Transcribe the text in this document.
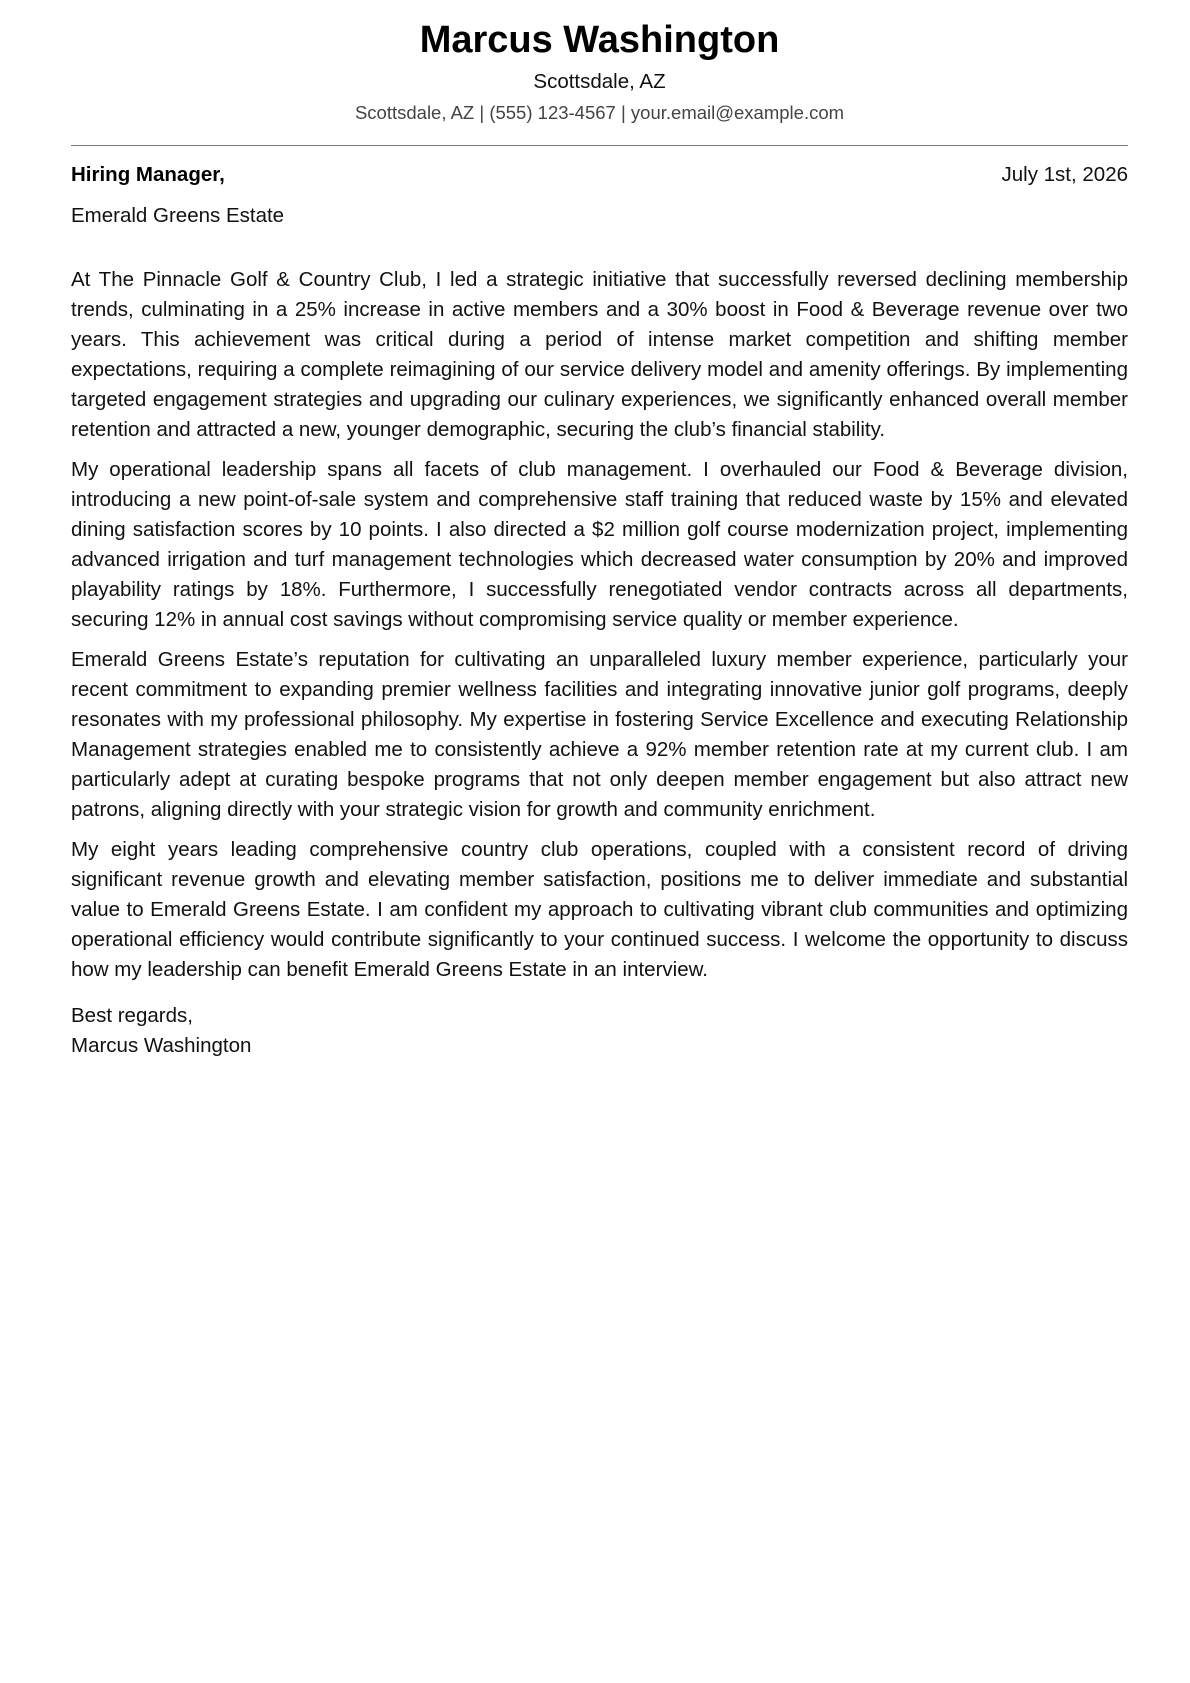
Marcus Washington
Scottsdale, AZ
Scottsdale, AZ | (555) 123-4567 | your.email@example.com
Hiring Manager,	July 1st, 2026
Emerald Greens Estate

At The Pinnacle Golf & Country Club, I led a strategic initiative that successfully reversed declining membership trends, culminating in a 25% increase in active members and a 30% boost in Food & Beverage revenue over two years. This achievement was critical during a period of intense market competition and shifting member expectations, requiring a complete reimagining of our service delivery model and amenity offerings. By implementing targeted engagement strategies and upgrading our culinary experiences, we significantly enhanced overall member retention and attracted a new, younger demographic, securing the club’s financial stability.

My operational leadership spans all facets of club management. I overhauled our Food & Beverage division, introducing a new point-of-sale system and comprehensive staff training that reduced waste by 15% and elevated dining satisfaction scores by 10 points. I also directed a $2 million golf course modernization project, implementing advanced irrigation and turf management technologies which decreased water consumption by 20% and improved playability ratings by 18%. Furthermore, I successfully renegotiated vendor contracts across all departments, securing 12% in annual cost savings without compromising service quality or member experience.

Emerald Greens Estate’s reputation for cultivating an unparalleled luxury member experience, particularly your recent commitment to expanding premier wellness facilities and integrating innovative junior golf programs, deeply resonates with my professional philosophy. My expertise in fostering Service Excellence and executing Relationship Management strategies enabled me to consistently achieve a 92% member retention rate at my current club. I am particularly adept at curating bespoke programs that not only deepen member engagement but also attract new patrons, aligning directly with your strategic vision for growth and community enrichment.

My eight years leading comprehensive country club operations, coupled with a consistent record of driving significant revenue growth and elevating member satisfaction, positions me to deliver immediate and substantial value to Emerald Greens Estate. I am confident my approach to cultivating vibrant club communities and optimizing operational efficiency would contribute significantly to your continued success. I welcome the opportunity to discuss how my leadership can benefit Emerald Greens Estate in an interview.

Best regards,
Marcus Washington
